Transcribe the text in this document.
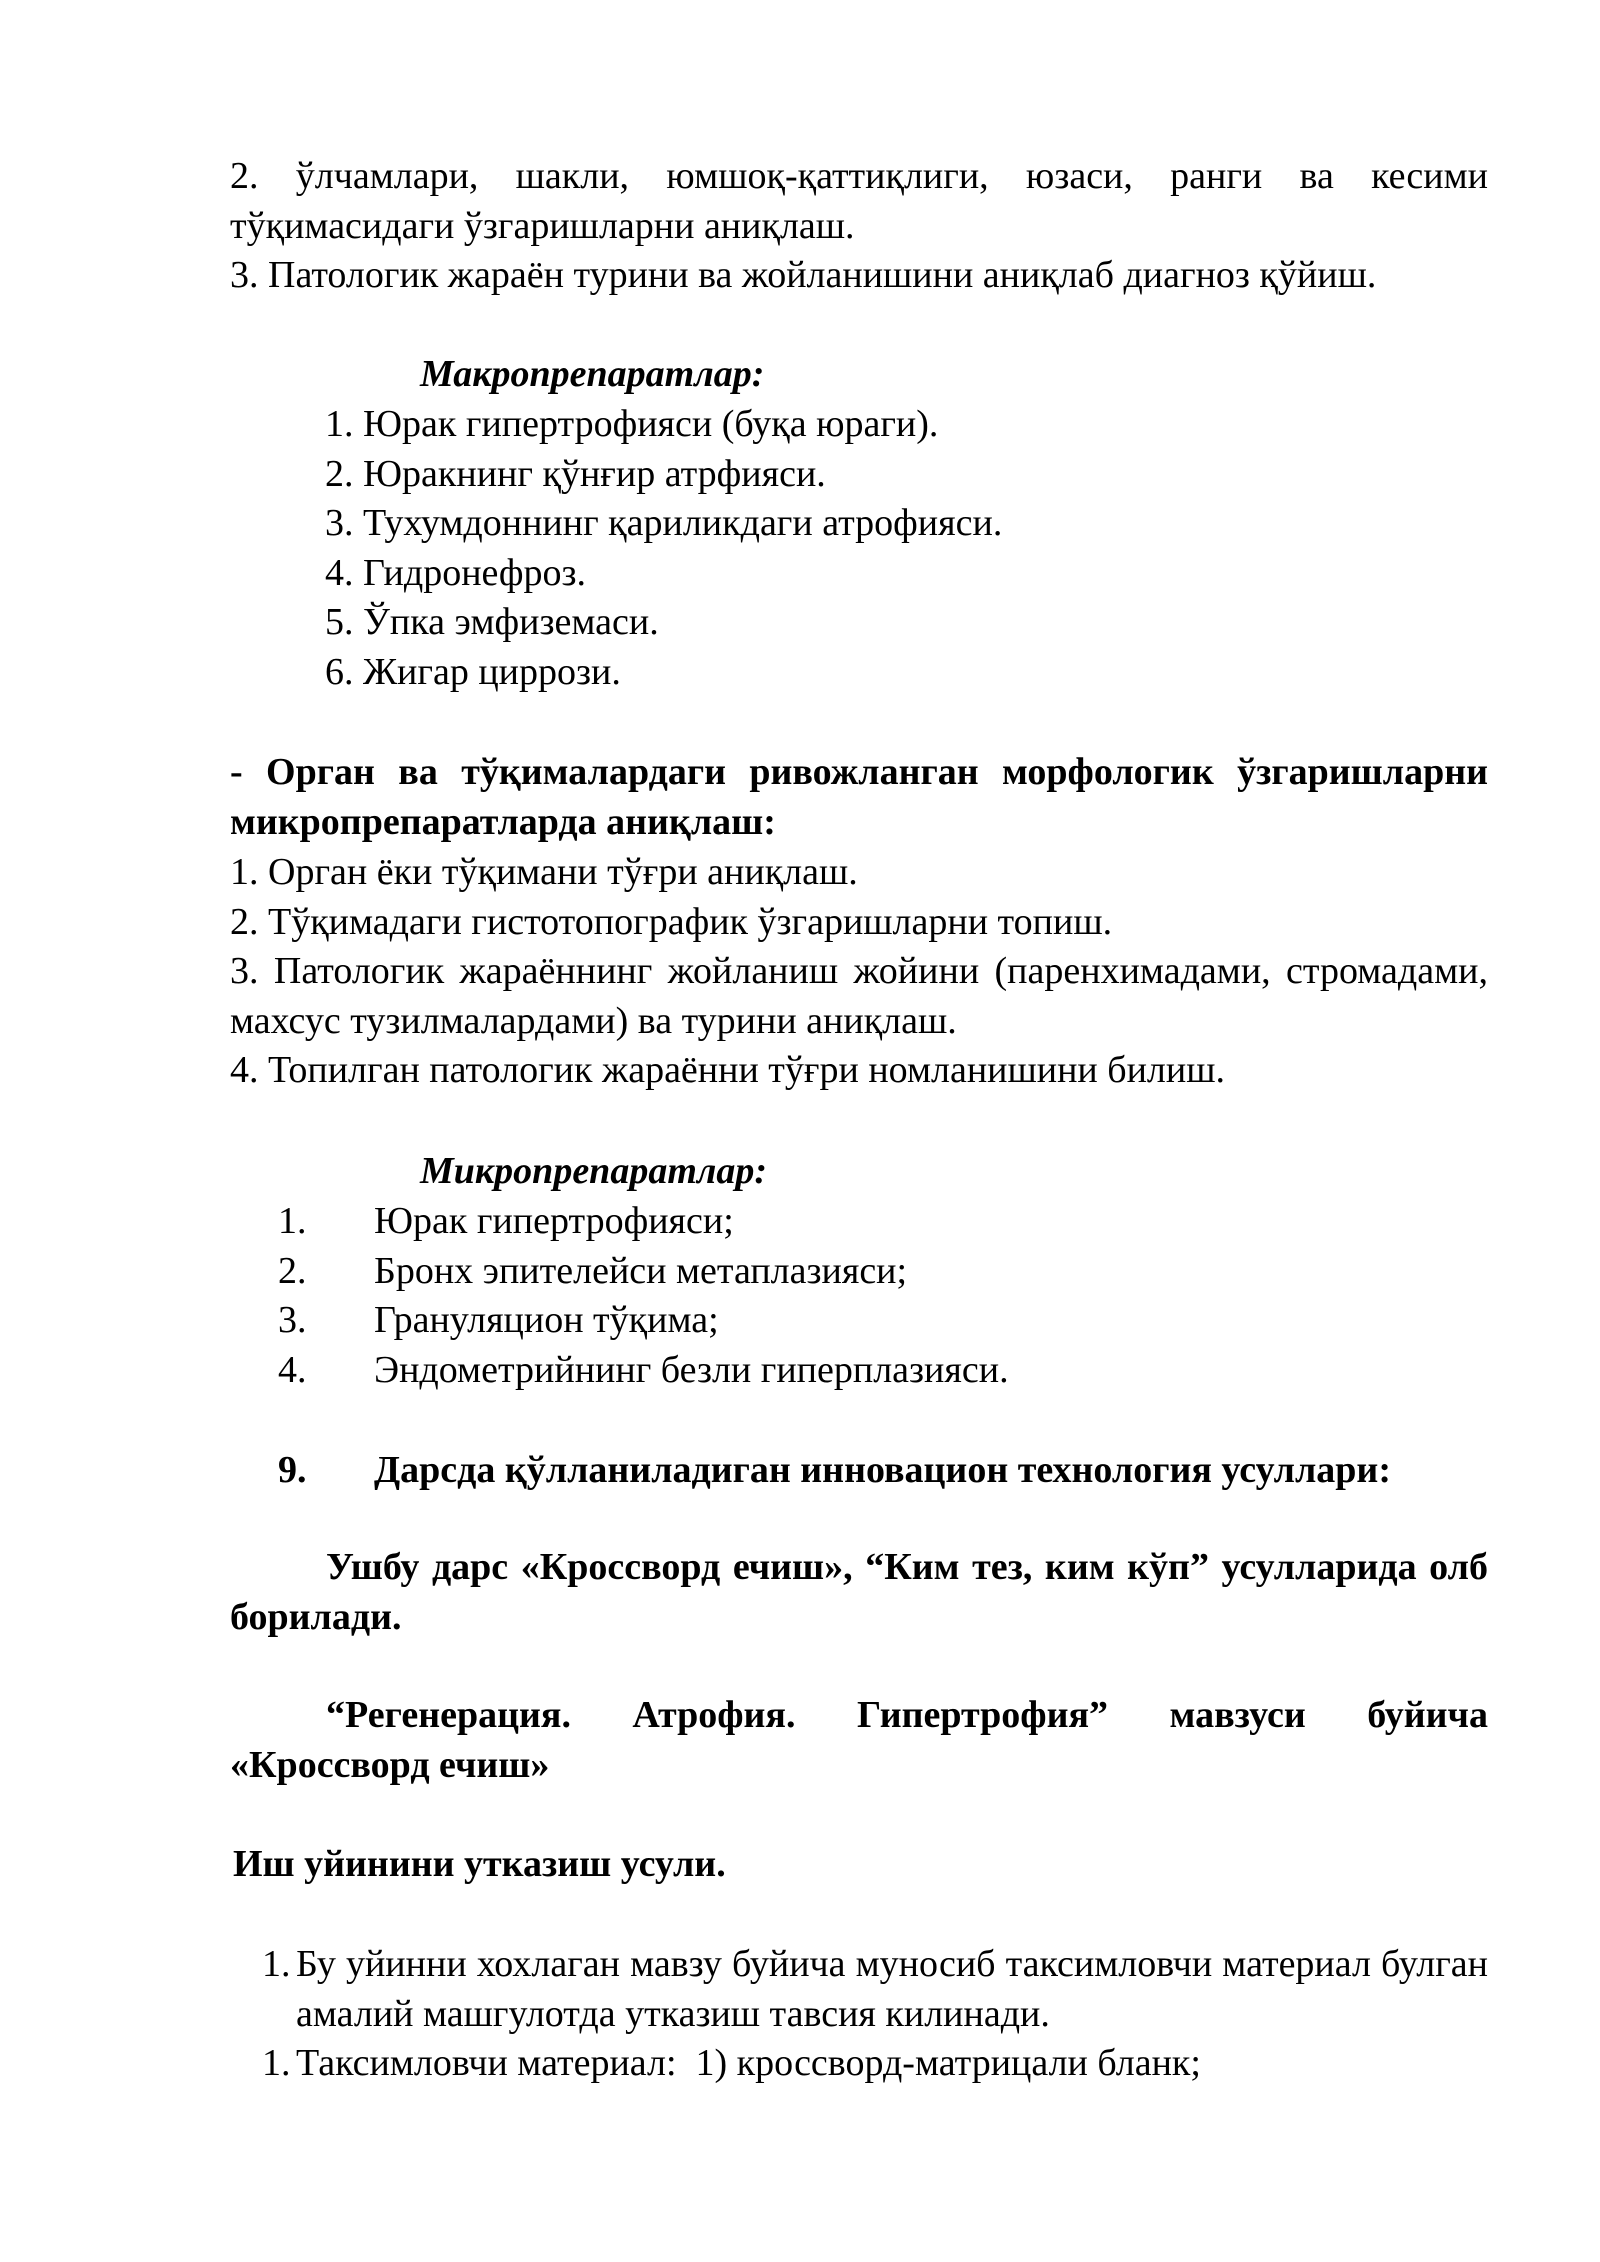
2. ўлчамлари, шакли, юмшоқ-қаттиқлиги, юзаси, ранги ва кесими тўқимасидаги ўзгаришларни аниқлаш.
3. Патологик жараён турини ва жойланишини аниқлаб диагноз қўйиш.
Макропрепаратлар:
1. Юрак гипертрофияси (буқа юраги).
2. Юракнинг қўнғир атрфияси.
3. Тухумдоннинг қариликдаги атрофияси.
4. Гидронефроз.
5. Ўпка эмфиземаси.
6. Жигар циррози.
- Орган ва тўқималардаги ривожланган морфологик ўзгаришларни микропрепаратларда аниқлаш:
1. Орган ёки тўқимани тўғри аниқлаш.
2. Тўқимадаги гистотопографик ўзгаришларни топиш.
3. Патологик жараённинг жойланиш жойини (паренхимадами, стромадами, махсус тузилмалардами) ва турини аниқлаш.
4. Топилган патологик жараённи тўғри номланишини билиш.
Микропрепаратлар:
1.	Юрак гипертрофияси;
2.	Бронх эпителейси метаплазияси;
3.	Грануляцион тўқима;
4.	Эндометрийнинг безли гиперплазияси.
9.	Дарсда қўлланиладиган инновацион технология усуллари:
Ушбу дарс «Кроссворд ечиш», “Ким тез, ким кўп” усулларида олб борилади.
“Регенерация. Атрофия. Гипертрофия” мавзуси буйича «Кроссворд ечиш»
Иш уйинини утказиш усули.
1. Бу уйинни хохлаган мавзу буйича муносиб таксимловчи материал булган амалий машгулотда утказиш тавсия килинади.
1. Таксимловчи материал:  1) кроссворд-матрицали бланк;
